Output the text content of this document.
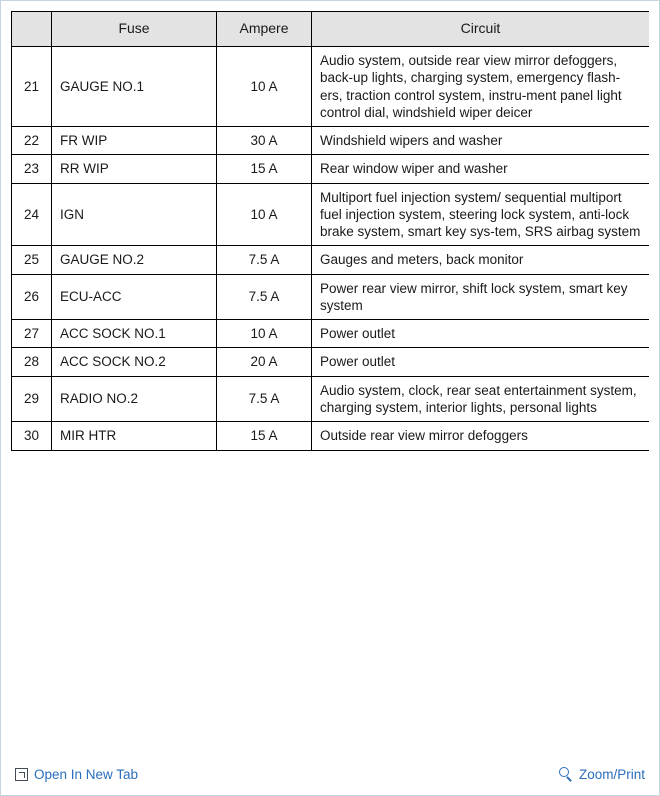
	Fuse	Ampere	Circuit
21	GAUGE NO.1	10 A	Audio system, outside rear view mirror defoggers, back-up lights, charging system, emergency flash-ers, traction control system, instru-ment panel light control dial, windshield wiper deicer
22	FR WIP	30 A	Windshield wipers and washer
23	RR WIP	15 A	Rear window wiper and washer
24	IGN	10 A	Multiport fuel injection system/ sequential multiport fuel injection system, steering lock system, anti-lock brake system, smart key sys-tem, SRS airbag system
25	GAUGE NO.2	7.5 A	Gauges and meters, back monitor
26	ECU-ACC	7.5 A	Power rear view mirror, shift lock system, smart key system
27	ACC SOCK NO.1	10 A	Power outlet
28	ACC SOCK NO.2	20 A	Power outlet
29	RADIO NO.2	7.5 A	Audio system, clock, rear seat entertainment system, charging system, interior lights, personal lights
30	MIR HTR	15 A	Outside rear view mirror defoggers
Open In New Tab	Zoom/Print
